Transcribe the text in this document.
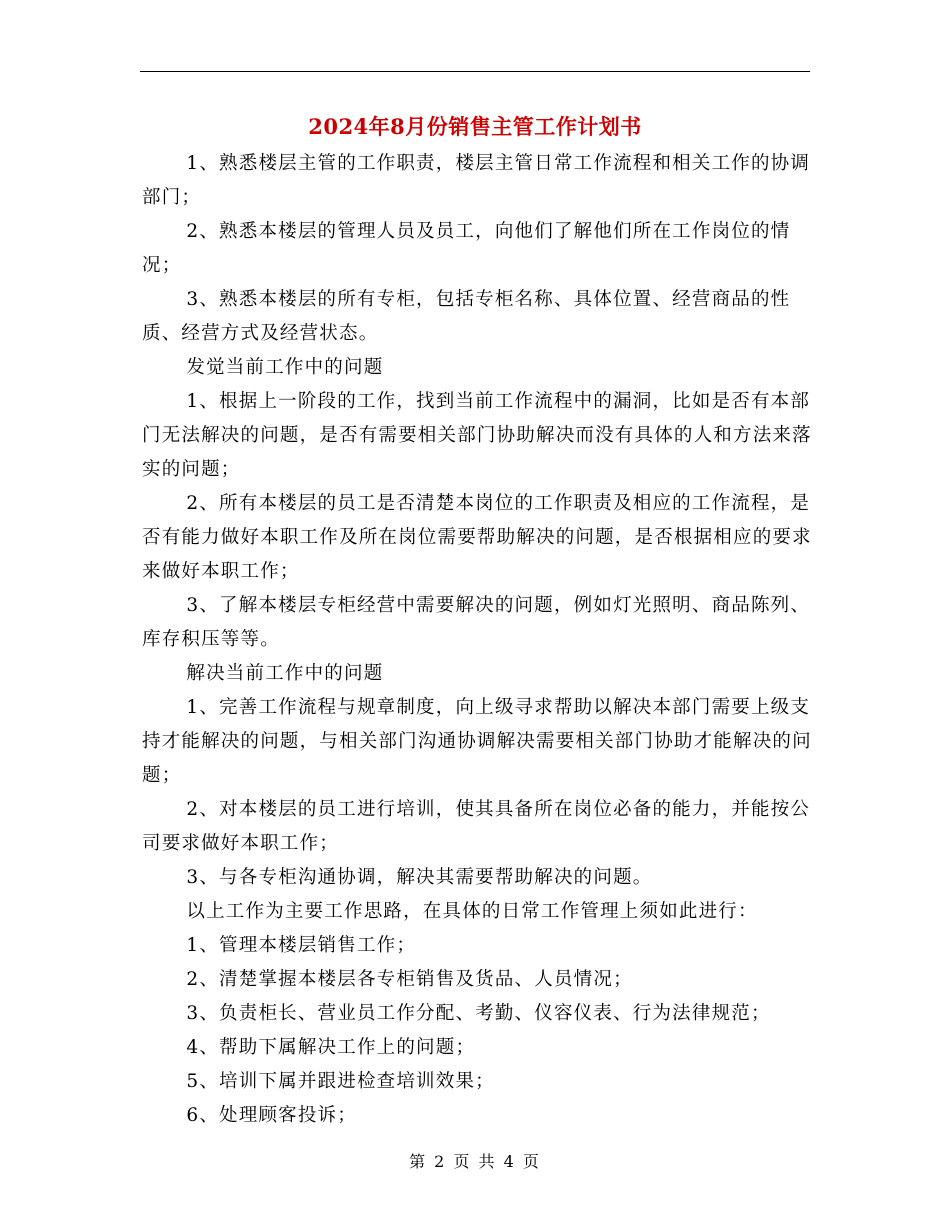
2024年8月份销售主管工作计划书

1、熟悉楼层主管的工作职责，楼层主管日常工作流程和相关工作的协调部门；

2、熟悉本楼层的管理人员及员工，向他们了解他们所在工作岗位的情况；

3、熟悉本楼层的所有专柜，包括专柜名称、具体位置、经营商品的性质、经营方式及经营状态。

发觉当前工作中的问题

1、根据上一阶段的工作，找到当前工作流程中的漏洞，比如是否有本部门无法解决的问题，是否有需要相关部门协助解决而没有具体的人和方法来落实的问题；

2、所有本楼层的员工是否清楚本岗位的工作职责及相应的工作流程，是否有能力做好本职工作及所在岗位需要帮助解决的问题，是否根据相应的要求来做好本职工作；

3、了解本楼层专柜经营中需要解决的问题，例如灯光照明、商品陈列、库存积压等等。

解决当前工作中的问题

1、完善工作流程与规章制度，向上级寻求帮助以解决本部门需要上级支持才能解决的问题，与相关部门沟通协调解决需要相关部门协助才能解决的问题；

2、对本楼层的员工进行培训，使其具备所在岗位必备的能力，并能按公司要求做好本职工作；

3、与各专柜沟通协调，解决其需要帮助解决的问题。

以上工作为主要工作思路，在具体的日常工作管理上须如此进行：

1、管理本楼层销售工作；

2、清楚掌握本楼层各专柜销售及货品、人员情况；

3、负责柜长、营业员工作分配、考勤、仪容仪表、行为法律规范；

4、帮助下属解决工作上的问题；

5、培训下属并跟进检查培训效果；

6、处理顾客投诉；

第 2 页 共 4 页
